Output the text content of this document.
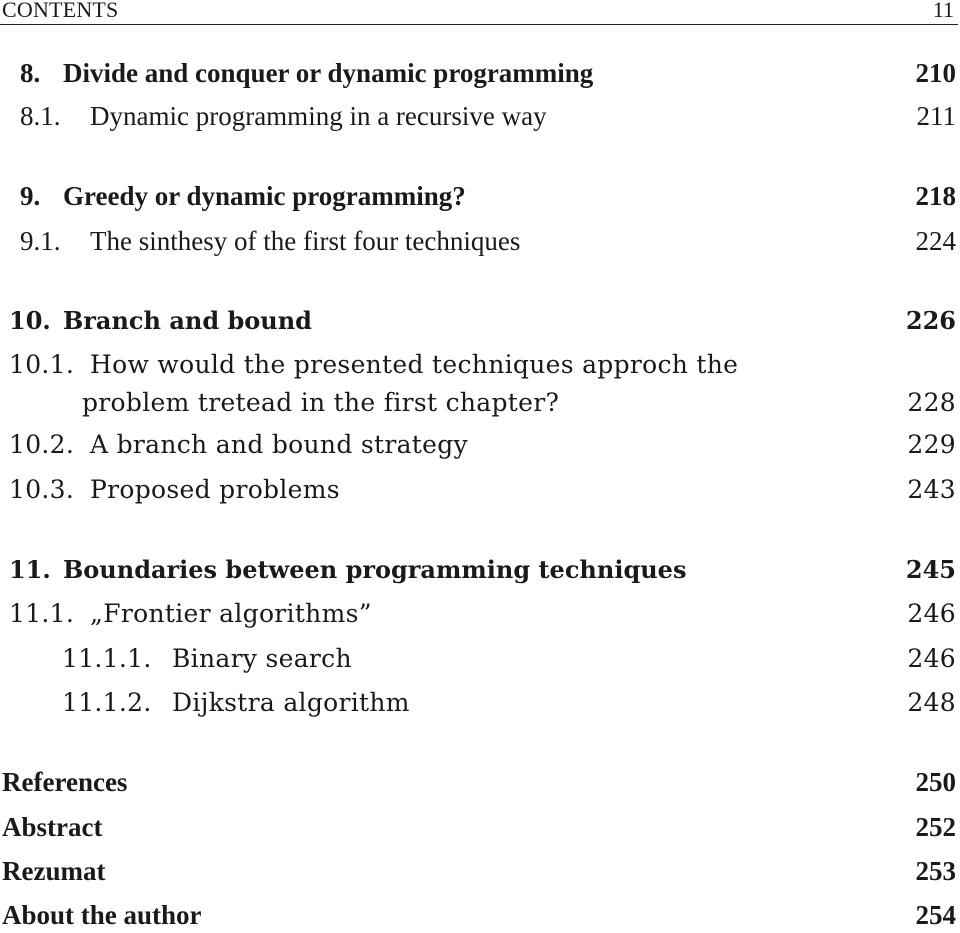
CONTENTS	11
8. Divide and conquer or dynamic programming	210
8.1. Dynamic programming in a recursive way	211
9. Greedy or dynamic programming?	218
9.1. The sinthesy of the first four techniques	224
10. Branch and bound	226
10.1. How would the presented techniques approch the
problem tretead in the first chapter?	228
10.2. A branch and bound strategy	229
10.3. Proposed problems	243
11. Boundaries between programming techniques	245
11.1. „Frontier algorithms”	246
11.1.1. Binary search	246
11.1.2. Dijkstra algorithm	248
References	250
Abstract	252
Rezumat	253
About the author	254
